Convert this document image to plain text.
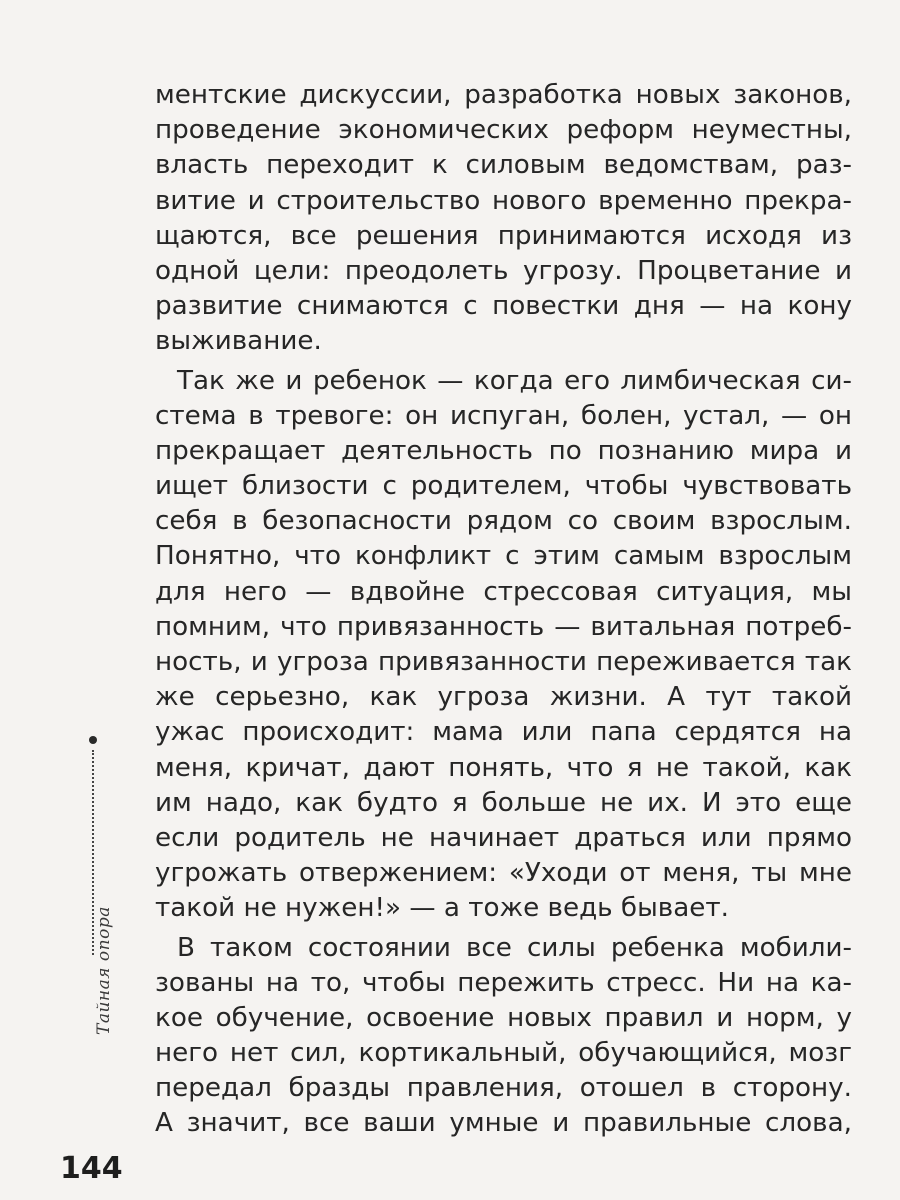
ментские дискуссии, разработка новых законов,
проведение экономических реформ неуместны,
власть переходит к силовым ведомствам, раз-
витие и строительство нового временно прекра-
щаются, все решения принимаются исходя из
одной цели: преодолеть угрозу. Процветание и
развитие снимаются с повестки дня — на кону
выживание.
Так же и ребенок — когда его лимбическая си-
стема в тревоге: он испуган, болен, устал, — он
прекращает деятельность по познанию мира и
ищет близости с родителем, чтобы чувствовать
себя в безопасности рядом со своим взрослым.
Понятно, что конфликт с этим самым взрослым
для него — вдвойне стрессовая ситуация, мы
помним, что привязанность — витальная потреб-
ность, и угроза привязанности переживается так
же серьезно, как угроза жизни. А тут такой
ужас происходит: мама или папа сердятся на
меня, кричат, дают понять, что я не такой, как
им надо, как будто я больше не их. И это еще
если родитель не начинает драться или прямо
угрожать отвержением: «Уходи от меня, ты мне
такой не нужен!» — а тоже ведь бывает.
В таком состоянии все силы ребенка мобили-
зованы на то, чтобы пережить стресс. Ни на ка-
кое обучение, освоение новых правил и норм, у
него нет сил, кортикальный, обучающийся, мозг
передал бразды правления, отошел в сторону.
А значит, все ваши умные и правильные слова,
Тайная опора
144
